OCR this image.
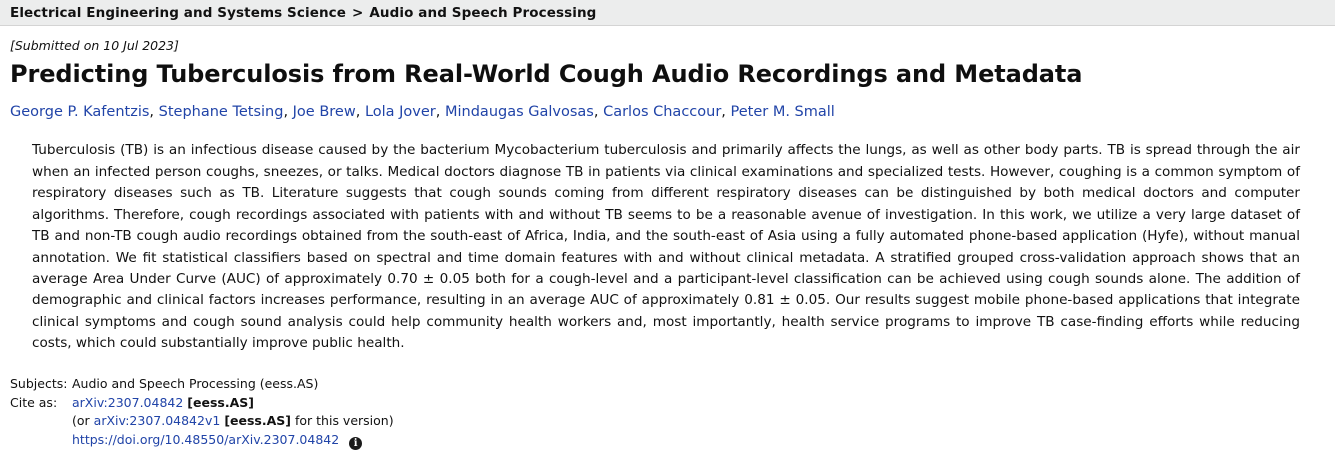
Electrical Engineering and Systems Science > Audio and Speech Processing
[Submitted on 10 Jul 2023]
Predicting Tuberculosis from Real-World Cough Audio Recordings and Metadata
George P. Kafentzis, Stephane Tetsing, Joe Brew, Lola Jover, Mindaugas Galvosas, Carlos Chaccour, Peter M. Small
Tuberculosis (TB) is an infectious disease caused by the bacterium Mycobacterium tuberculosis and primarily affects the lungs, as well as other body parts. TB is spread through the air when an infected person coughs, sneezes, or talks. Medical doctors diagnose TB in patients via clinical examinations and specialized tests. However, coughing is a common symptom of respiratory diseases such as TB. Literature suggests that cough sounds coming from different respiratory diseases can be distinguished by both medical doctors and computer algorithms. Therefore, cough recordings associated with patients with and without TB seems to be a reasonable avenue of investigation. In this work, we utilize a very large dataset of TB and non-TB cough audio recordings obtained from the south-east of Africa, India, and the south-east of Asia using a fully automated phone-based application (Hyfe), without manual annotation. We fit statistical classifiers based on spectral and time domain features with and without clinical metadata. A stratified grouped cross-validation approach shows that an average Area Under Curve (AUC) of approximately 0.70 ± 0.05 both for a cough-level and a participant-level classification can be achieved using cough sounds alone. The addition of demographic and clinical factors increases performance, resulting in an average AUC of approximately 0.81 ± 0.05. Our results suggest mobile phone-based applications that integrate clinical symptoms and cough sound analysis could help community health workers and, most importantly, health service programs to improve TB case-finding efforts while reducing costs, which could substantially improve public health.
Subjects: Audio and Speech Processing (eess.AS)
Cite as:	arXiv:2307.04842 [eess.AS]
(or arXiv:2307.04842v1 [eess.AS] for this version)
https://doi.org/10.48550/arXiv.2307.04842 i
